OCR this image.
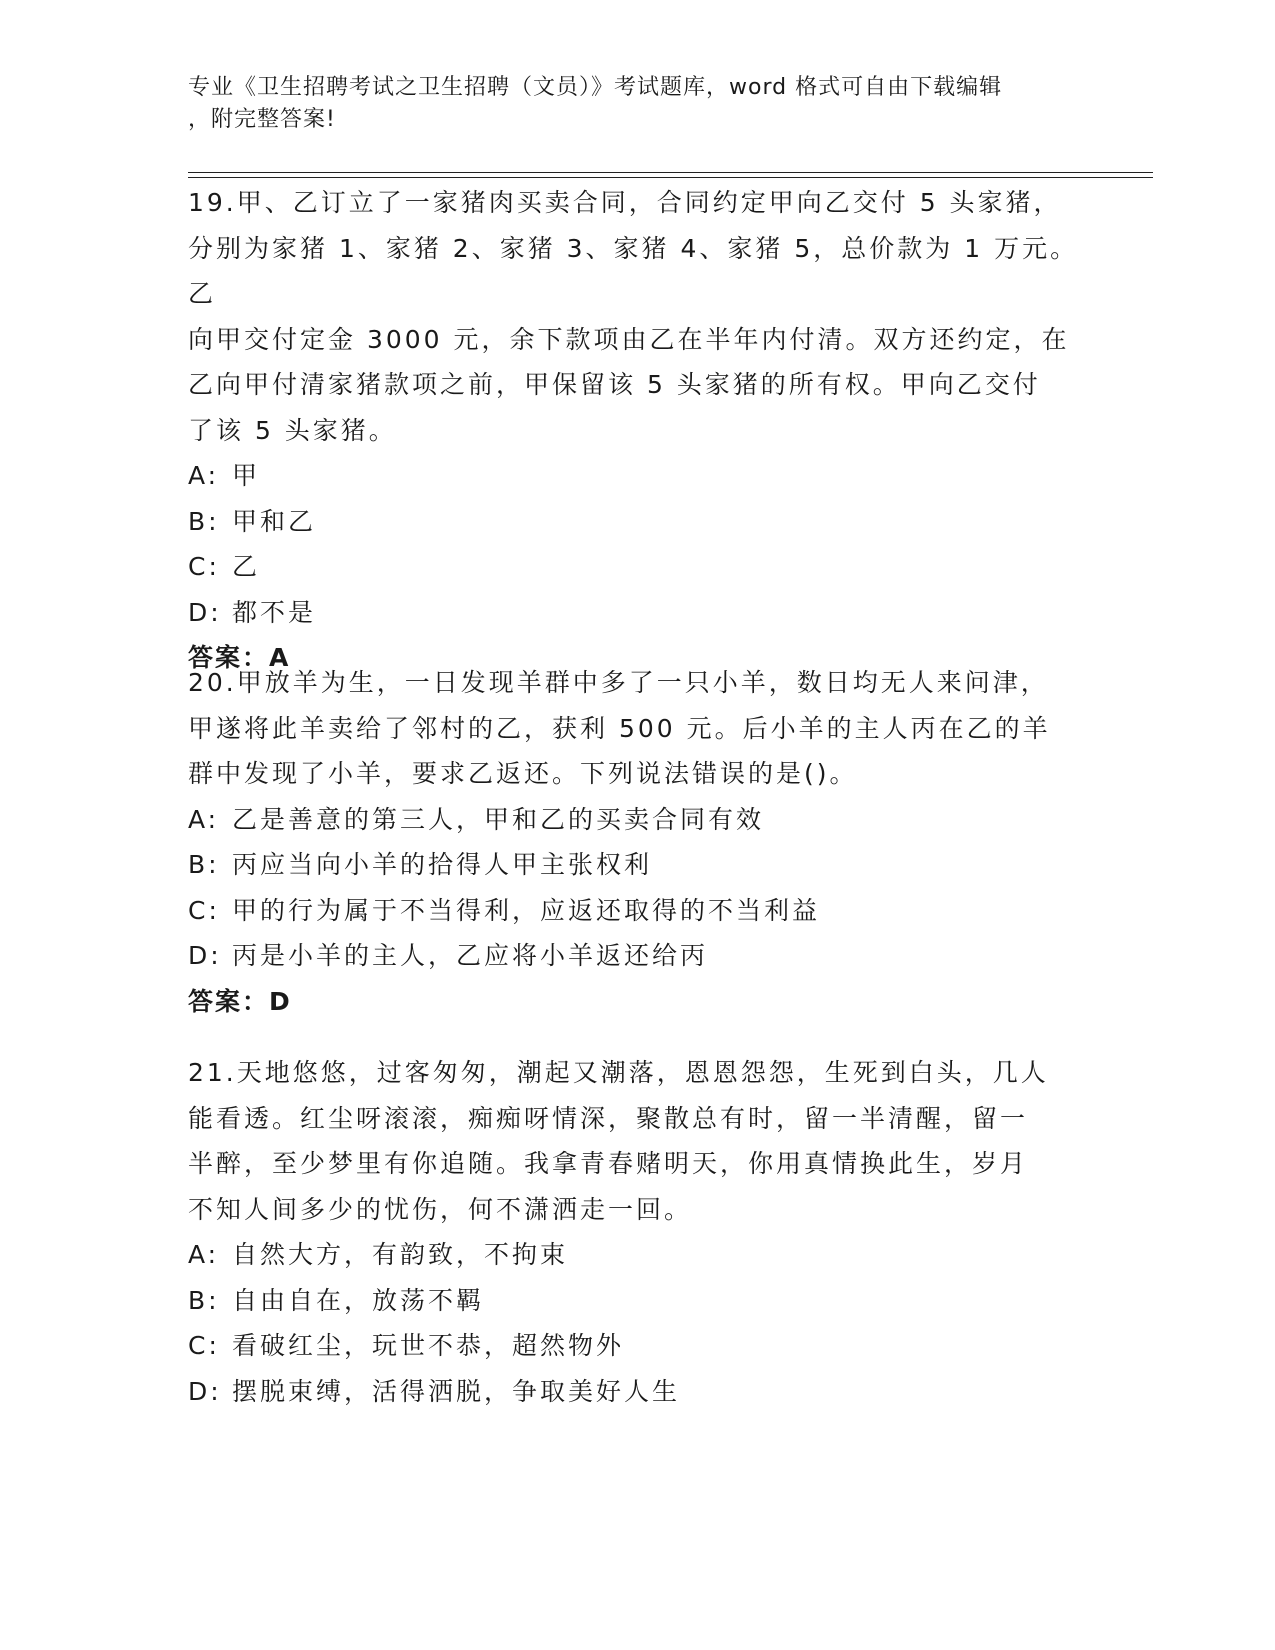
专业《卫生招聘考试之卫生招聘（文员）》考试题库，word 格式可自由下载编辑
，附完整答案!

19.甲、乙订立了一家猪肉买卖合同，合同约定甲向乙交付 5 头家猪，

分别为家猪 1、家猪 2、家猪 3、家猪 4、家猪 5，总价款为 1 万元。乙

向甲交付定金 3000 元，余下款项由乙在半年内付清。双方还约定，在

乙向甲付清家猪款项之前，甲保留该 5 头家猪的所有权。甲向乙交付

了该 5 头家猪。

A: 甲

B: 甲和乙

C: 乙

D: 都不是

答案：A

20.甲放羊为生，一日发现羊群中多了一只小羊，数日均无人来问津，

甲遂将此羊卖给了邻村的乙，获利 500 元。后小羊的主人丙在乙的羊

群中发现了小羊，要求乙返还。下列说法错误的是()。

A: 乙是善意的第三人，甲和乙的买卖合同有效

B: 丙应当向小羊的拾得人甲主张权利

C: 甲的行为属于不当得利，应返还取得的不当利益

D: 丙是小羊的主人，乙应将小羊返还给丙

答案：D

21.天地悠悠，过客匆匆，潮起又潮落，恩恩怨怨，生死到白头，几人

能看透。红尘呀滚滚，痴痴呀情深，聚散总有时，留一半清醒，留一

半醉，至少梦里有你追随。我拿青春赌明天，你用真情换此生，岁月

不知人间多少的忧伤，何不潇洒走一回。

A: 自然大方，有韵致，不拘束

B: 自由自在，放荡不羁

C: 看破红尘，玩世不恭，超然物外

D: 摆脱束缚，活得洒脱，争取美好人生
